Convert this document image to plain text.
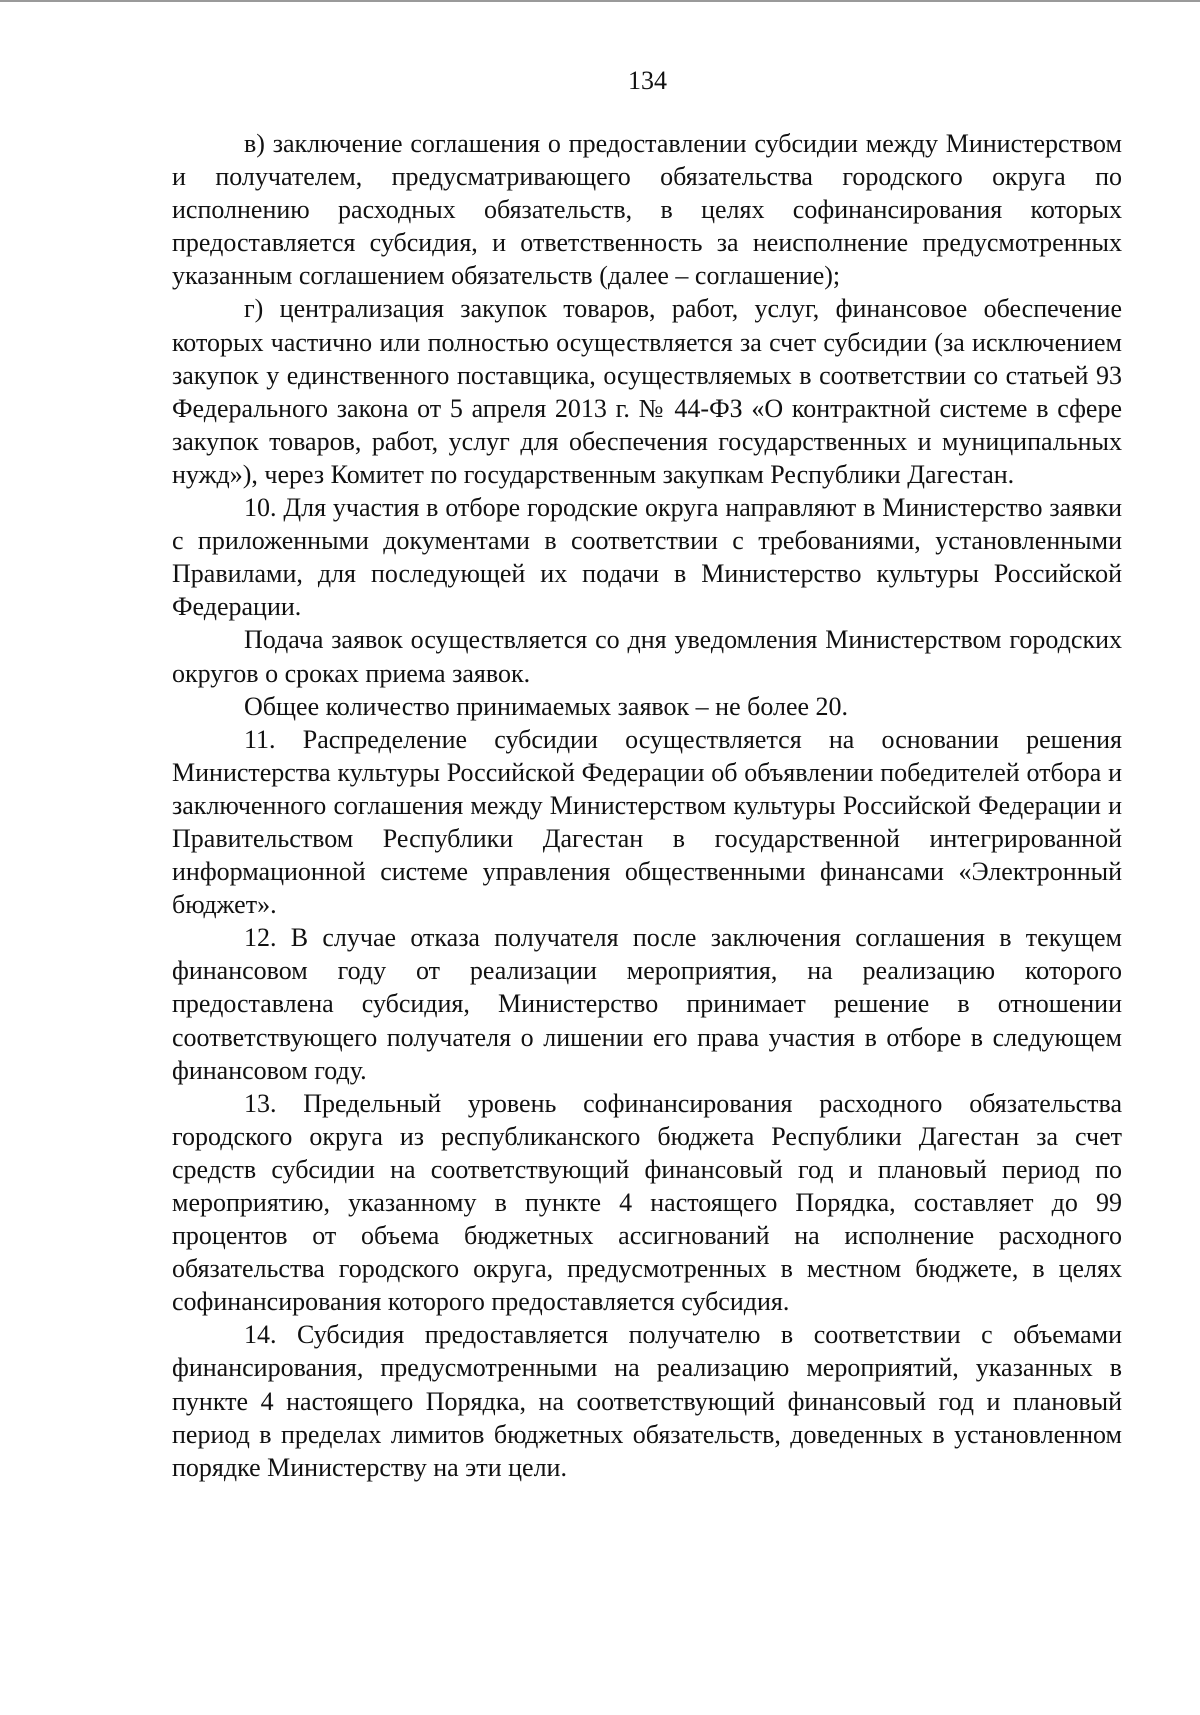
134

в) заключение соглашения о предоставлении субсидии между Министерством и получателем, предусматривающего обязательства городского округа по исполнению расходных обязательств, в целях софинансирования которых предоставляется субсидия, и ответственность за неисполнение предусмотренных указанным соглашением обязательств (далее – соглашение);

г) централизация закупок товаров, работ, услуг, финансовое обеспечение которых частично или полностью осуществляется за счет субсидии (за исключением закупок у единственного поставщика, осуществляемых в соответствии со статьей 93 Федерального закона от 5 апреля 2013 г. № 44-ФЗ «О контрактной системе в сфере закупок товаров, работ, услуг для обеспечения государственных и муниципальных нужд»), через Комитет по государственным закупкам Республики Дагестан.

10. Для участия в отборе городские округа направляют в Министерство заявки с приложенными документами в соответствии с требованиями, установленными Правилами, для последующей их подачи в Министерство культуры Российской Федерации.

Подача заявок осуществляется со дня уведомления Министерством городских округов о сроках приема заявок.

Общее количество принимаемых заявок – не более 20.

11. Распределение субсидии осуществляется на основании решения Министерства культуры Российской Федерации об объявлении победителей отбора и заключенного соглашения между Министерством культуры Российской Федерации и Правительством Республики Дагестан в государственной интегрированной информационной системе управления общественными финансами «Электронный бюджет».

12. В случае отказа получателя после заключения соглашения в текущем финансовом году от реализации мероприятия, на реализацию которого предоставлена субсидия, Министерство принимает решение в отношении соответствующего получателя о лишении его права участия в отборе в следующем финансовом году.

13. Предельный уровень софинансирования расходного обязательства городского округа из республиканского бюджета Республики Дагестан за счет средств субсидии на соответствующий финансовый год и плановый период по мероприятию, указанному в пункте 4 настоящего Порядка, составляет до 99 процентов от объема бюджетных ассигнований на исполнение расходного обязательства городского округа, предусмотренных в местном бюджете, в целях софинансирования которого предоставляется субсидия.

14. Субсидия предоставляется получателю в соответствии с объемами финансирования, предусмотренными на реализацию мероприятий, указанных в пункте 4 настоящего Порядка, на соответствующий финансовый год и плановый период в пределах лимитов бюджетных обязательств, доведенных в установленном порядке Министерству на эти цели.
